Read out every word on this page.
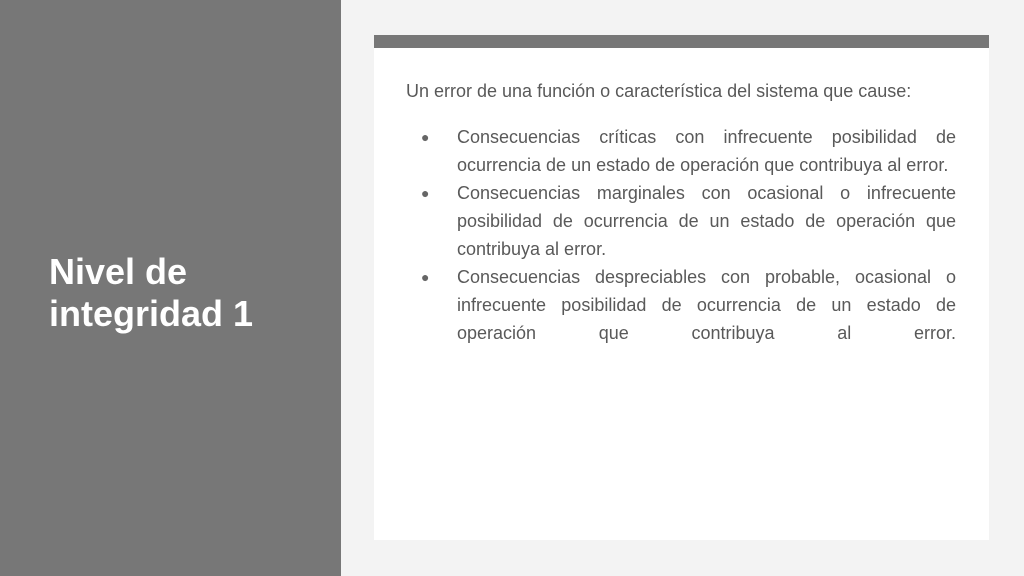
Nivel de integridad 1

Un error de una función o característica del sistema que cause:

● Consecuencias críticas con infrecuente posibilidad de ocurrencia de un estado de operación que contribuya al error.
● Consecuencias marginales con ocasional o infrecuente posibilidad de ocurrencia de un estado de operación que contribuya al error.
● Consecuencias despreciables con probable, ocasional o infrecuente posibilidad de ocurrencia de un estado de operación que contribuya al error.
